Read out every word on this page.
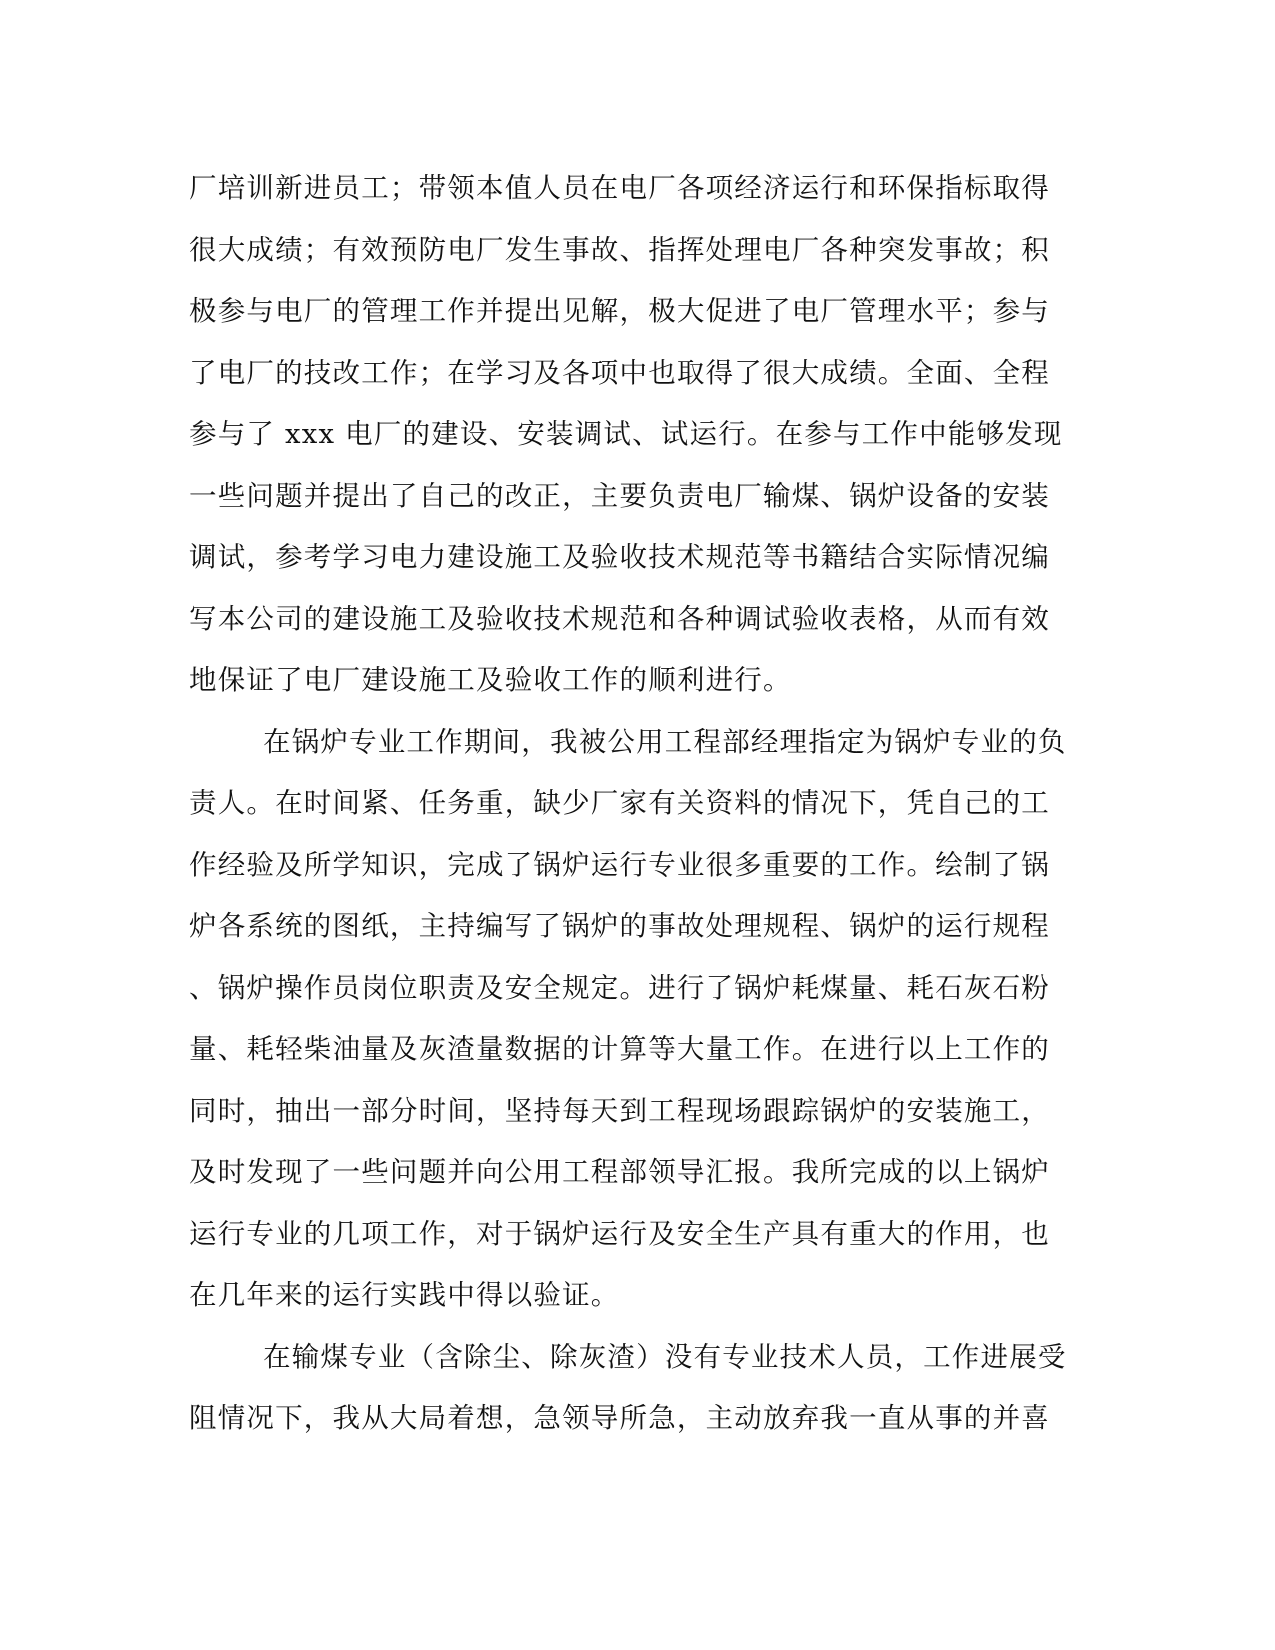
厂培训新进员工；带领本值人员在电厂各项经济运行和环保指标取得
很大成绩；有效预防电厂发生事故、指挥处理电厂各种突发事故；积
极参与电厂的管理工作并提出见解，极大促进了电厂管理水平；参与
了电厂的技改工作；在学习及各项中也取得了很大成绩。全面、全程
参与了 xxx 电厂的建设、安装调试、试运行。在参与工作中能够发现
一些问题并提出了自己的改正，主要负责电厂输煤、锅炉设备的安装
调试，参考学习电力建设施工及验收技术规范等书籍结合实际情况编
写本公司的建设施工及验收技术规范和各种调试验收表格，从而有效
地保证了电厂建设施工及验收工作的顺利进行。
在锅炉专业工作期间，我被公用工程部经理指定为锅炉专业的负
责人。在时间紧、任务重，缺少厂家有关资料的情况下，凭自己的工
作经验及所学知识，完成了锅炉运行专业很多重要的工作。绘制了锅
炉各系统的图纸，主持编写了锅炉的事故处理规程、锅炉的运行规程
、锅炉操作员岗位职责及安全规定。进行了锅炉耗煤量、耗石灰石粉
量、耗轻柴油量及灰渣量数据的计算等大量工作。在进行以上工作的
同时，抽出一部分时间，坚持每天到工程现场跟踪锅炉的安装施工，
及时发现了一些问题并向公用工程部领导汇报。我所完成的以上锅炉
运行专业的几项工作，对于锅炉运行及安全生产具有重大的作用，也
在几年来的运行实践中得以验证。
在输煤专业（含除尘、除灰渣）没有专业技术人员，工作进展受
阻情况下，我从大局着想，急领导所急，主动放弃我一直从事的并喜
